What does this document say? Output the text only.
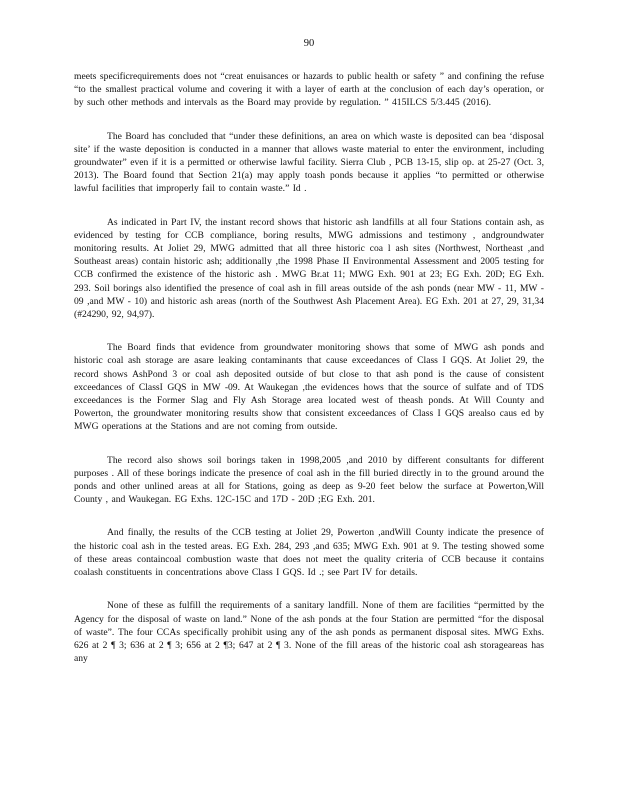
90

meets specificrequirements does not “creat enuisances or hazards to public health or safety ” and confining the refuse “to the smallest practical volume and covering it with a layer of earth at the conclusion of each day’s operation, or by such other methods and intervals as the Board may provide by regulation. ” 415ILCS 5/3.445 (2016).

The Board has concluded that “under these definitions, an area on which waste is deposited can bea ‘disposal site’ if the waste deposition is conducted in a manner that allows waste material to enter the environment, including groundwater” even if it is a permitted or otherwise lawful facility. Sierra Club , PCB 13-15, slip op. at 25-27 (Oct. 3, 2013). The Board found that Section 21(a) may apply toash ponds because it applies “to permitted or otherwise lawful facilities that improperly fail to contain waste.” Id .

As indicated in Part IV, the instant record shows that historic ash landfills at all four Stations contain ash, as evidenced by testing for CCB compliance, boring results, MWG admissions and testimony , andgroundwater monitoring results. At Joliet 29, MWG admitted that all three historic coa l ash sites (Northwest, Northeast ,and Southeast areas) contain historic ash; additionally ,the 1998 Phase II Environmental Assessment and 2005 testing for CCB confirmed the existence of the historic ash . MWG Br.at 11; MWG Exh. 901 at 23; EG Exh. 20D; EG Exh. 293. Soil borings also identified the presence of coal ash in fill areas outside of the ash ponds (near MW - 11, MW - 09 ,and MW - 10) and historic ash areas (north of the Southwest Ash Placement Area). EG Exh. 201 at 27, 29, 31,34 (#24290, 92, 94,97).

The Board finds that evidence from groundwater monitoring shows that some of MWG ash ponds and historic coal ash storage are asare leaking contaminants that cause exceedances of Class I GQS. At Joliet 29, the record shows AshPond 3 or coal ash deposited outside of but close to that ash pond is the cause of consistent exceedances of ClassI GQS in MW -09. At Waukegan ,the evidences hows that the source of sulfate and of TDS exceedances is the Former Slag and Fly Ash Storage area located west of theash ponds. At Will County and Powerton, the groundwater monitoring results show that consistent exceedances of Class I GQS arealso caus ed by MWG operations at the Stations and are not coming from outside.

The record also shows soil borings taken in 1998,2005 ,and 2010 by different consultants for different purposes . All of these borings indicate the presence of coal ash in the fill buried directly in to the ground around the ponds and other unlined areas at all for Stations, going as deep as 9-20 feet below the surface at Powerton,Will County , and Waukegan. EG Exhs. 12C-15C and 17D - 20D ;EG Exh. 201.

And finally, the results of the CCB testing at Joliet 29, Powerton ,andWill County indicate the presence of the historic coal ash in the tested areas. EG Exh. 284, 293 ,and 635; MWG Exh. 901 at 9. The testing showed some of these areas containcoal combustion waste that does not meet the quality criteria of CCB because it contains coalash constituents in concentrations above Class I GQS. Id .; see Part IV for details.

None of these as fulfill the requirements of a sanitary landfill. None of them are facilities “permitted by the Agency for the disposal of waste on land.” None of the ash ponds at the four Station are permitted “for the disposal of waste”. The four CCAs specifically prohibit using any of the ash ponds as permanent disposal sites. MWG Exhs. 626 at 2 ¶ 3; 636 at 2 ¶ 3; 656 at 2 ¶3; 647 at 2 ¶ 3. None of the fill areas of the historic coal ash storageareas has any
